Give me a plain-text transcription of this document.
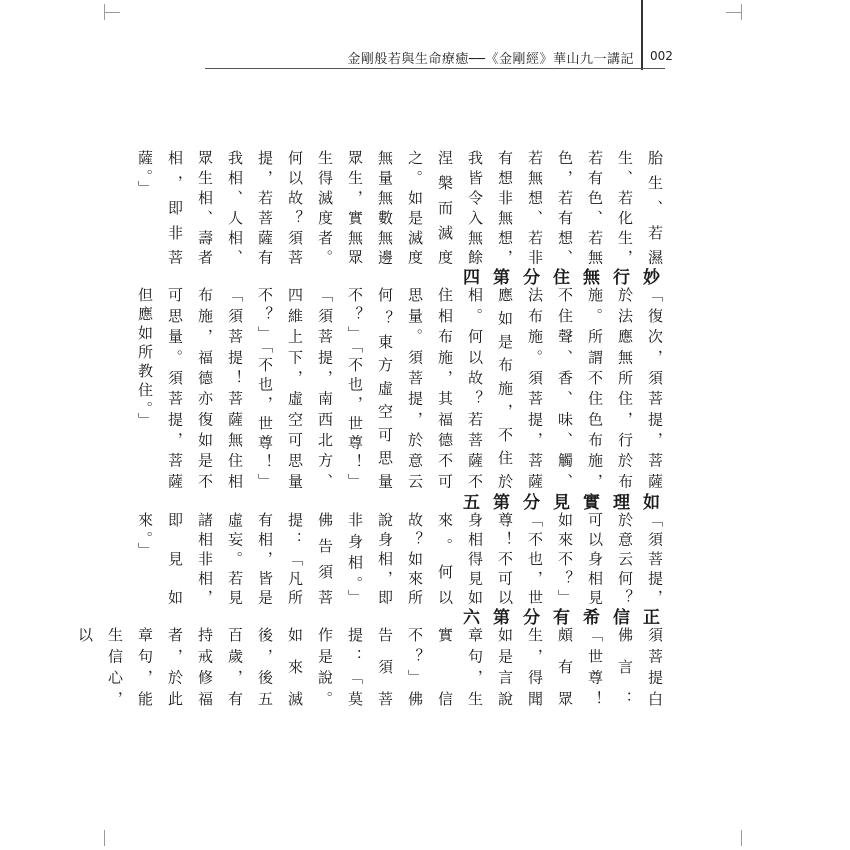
金剛般若與生命療癒──《金剛經》華山九一講記 002

胎生、若濕生、若化生，若有色、若無色，若有想、若無想、若非有想非無想，我皆令入無餘涅槃而滅度之。如是滅度無量無數無邊眾生，實無眾生得滅度者。何以故？須菩提，若菩薩有我相、人相、眾生相、壽者相，即非菩薩。」

妙行無住分第四

「復次，須菩提，菩薩於法應無所住，行於布施。所謂不住色布施，不住聲、香、味、觸、法布施。須菩提，菩薩應如是布施，不住於相。何以故？若菩薩不住相布施，其福德不可思量。須菩提，於意云何？東方虛空可思量不？」「不也，世尊！」「須菩提，南西北方、四維上下，虛空可思量不？」「不也，世尊！」「須菩提！菩薩無住相布施，福德亦復如是不可思量。須菩提，菩薩但應如所教住。」

如理實見分第五

「須菩提，於意云何？可以身相見如來不？」「不也，世尊！不可以身相得見如來。何以故？如來所說身相，即非身相。」佛告須菩提：「凡所有相，皆是虛妄。若見諸相非相，即見如來。」

正信希有分第六

須菩提白佛言：「世尊！頗有眾生，得聞如是言說章句，生實信不？」佛告須菩提：「莫作是說。如來滅後，後五百歲，有持戒修福者，於此章句，能生信心，以
